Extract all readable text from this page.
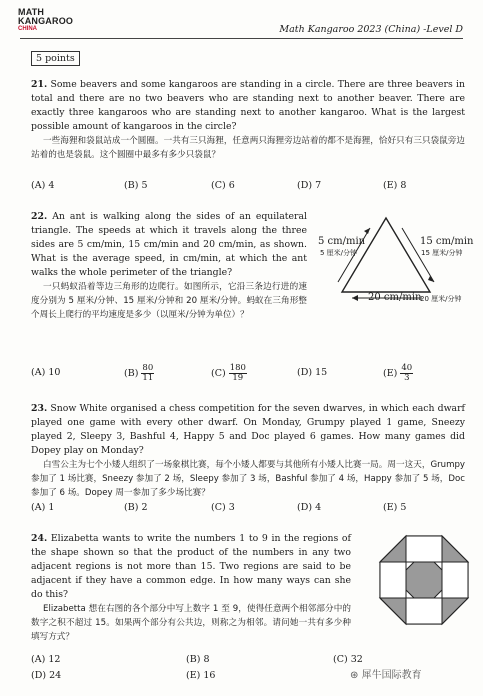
MATH
KANGAROO
CHINA	Math Kangaroo 2023 (China) -Level D
5 points

21. Some beavers and some kangaroos are standing in a circle. There are three beavers in total and there are no two beavers who are standing next to another beaver. There are exactly three kangaroos who are standing next to another kangaroo. What is the largest possible amount of kangaroos in the circle?

一些海狸和袋鼠站成一个圆圈。一共有三只海狸，任意两只海狸旁边站着的都不是海狸，恰好只有三只袋鼠旁边站着的也是袋鼠。这个圆圈中最多有多少只袋鼠？

(A) 4	(B) 5	(C) 6	(D) 7	(E) 8

22. An ant is walking along the sides of an equilateral triangle. The speeds at which it travels along the three sides are 5 cm/min, 15 cm/min and 20 cm/min, as shown. What is the average speed, in cm/min, at which the ant walks the whole perimeter of the triangle?

一只蚂蚁沿着等边三角形的边爬行。如图所示，它沿三条边行进的速度分别为 5 厘米/分钟、15 厘米/分钟和 20 厘米/分钟。蚂蚁在三角形整个周长上爬行的平均速度是多少（以厘米/分钟为单位）？

5 cm/min
5 厘米/分钟
15 cm/min
15 厘米/分钟
20 cm/min
20 厘米/分钟
(A) 10	$(B) \frac{80}{11}$	$(C) \frac{180}{19}$	(D) 15	$(E) \frac{40}{3}$

23. Snow White organised a chess competition for the seven dwarves, in which each dwarf played one game with every other dwarf. On Monday, Grumpy played 1 game, Sneezy played 2, Sleepy 3, Bashful 4, Happy 5 and Doc played 6 games. How many games did Dopey play on Monday?

白雪公主为七个小矮人组织了一场象棋比赛，每个小矮人都要与其他所有小矮人比赛一局。周一这天，Grumpy 参加了 1 场比赛，Sneezy 参加了 2 场，Sleepy 参加了 3 场，Bashful 参加了 4 场，Happy 参加了 5 场，Doc 参加了 6 场。Dopey 周一参加了多少场比赛？

(A) 1	(B) 2	(C) 3	(D) 4	(E) 5

24. Elizabetta wants to write the numbers 1 to 9 in the regions of the shape shown so that the product of the numbers in any two adjacent regions is not more than 15. Two regions are said to be adjacent if they have a common edge. In how many ways can she do this?

Elizabetta 想在右图的各个部分中写上数字 1 至 9，使得任意两个相邻部分中的数字之积不超过 15。如果两个部分有公共边，则称之为相邻。请问她一共有多少种填写方式？

(A) 12	(B) 8	(C) 32
(D) 24	(E) 16	⊛ 犀牛国际教育
